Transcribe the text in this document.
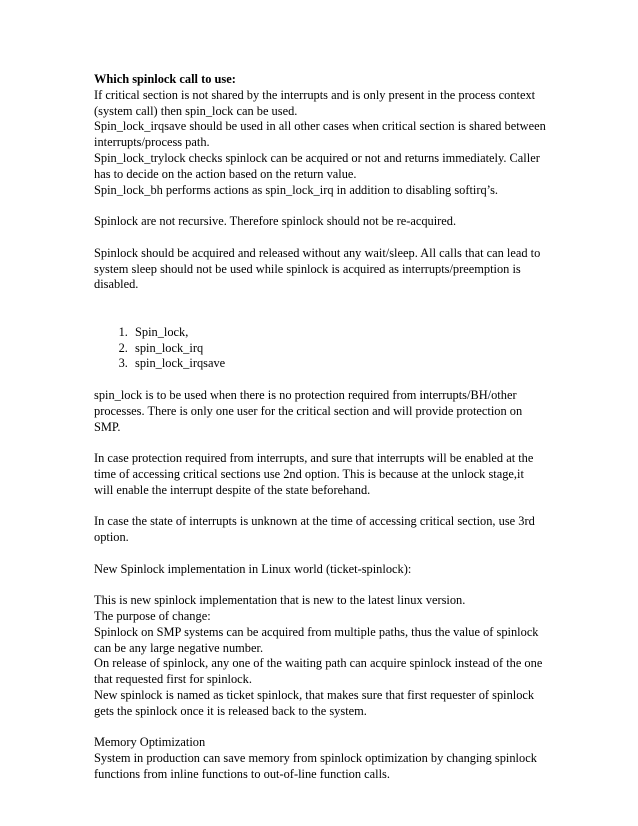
Which spinlock call to use:

If critical section is not shared by the interrupts and is only present in the process context (system call) then spin_lock can be used.

Spin_lock_irqsave should be used in all other cases when critical section is shared between interrupts/process path.

Spin_lock_trylock checks spinlock can be acquired or not and returns immediately. Caller has to decide on the action based on the return value.

Spin_lock_bh performs actions as spin_lock_irq in addition to disabling softirq’s.

Spinlock are not recursive. Therefore spinlock should not be re-acquired.

Spinlock should be acquired and released without any wait/sleep. All calls that can lead to system sleep should not be used while spinlock is acquired as interrupts/preemption is disabled.

1. Spin_lock,
2. spin_lock_irq
3. spin_lock_irqsave

spin_lock is to be used when there is no protection required from interrupts/BH/other processes. There is only one user for the critical section and will provide protection on SMP.

In case protection required from interrupts, and sure that interrupts will be enabled at the time of accessing critical sections use 2nd option. This is because at the unlock stage,it will enable the interrupt despite of the state beforehand.

In case the state of interrupts is unknown at the time of accessing critical section, use 3rd option.

New Spinlock implementation in Linux world (ticket-spinlock):

This is new spinlock implementation that is new to the latest linux version.

The purpose of change:

Spinlock on SMP systems can be acquired from multiple paths, thus the value of spinlock can be any large negative number.

On release of spinlock, any one of the waiting path can acquire spinlock instead of the one that requested first for spinlock.

New spinlock is named as ticket spinlock, that makes sure that first requester of spinlock gets the spinlock once it is released back to the system.

Memory Optimization

System in production can save memory from spinlock optimization by changing spinlock functions from inline functions to out-of-line function calls.
